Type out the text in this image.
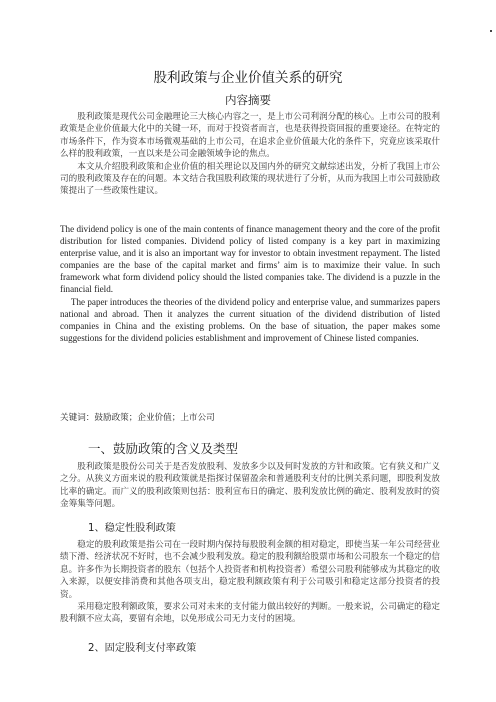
股利政策与企业价值关系的研究
内容摘要

股利政策是现代公司金融理论三大核心内容之一，是上市公司利润分配的核心。上市公司的股利政策是企业价值最大化中的关键一环，而对于投资者而言，也是获得投资回报的重要途径。在特定的市场条件下，作为资本市场微观基础的上市公司，在追求企业价值最大化的条件下，究竟应该采取什么样的股利政策，一直以来是公司金融领域争论的焦点。

本文从介绍股利政策和企业价值的相关理论以及国内外的研究文献综述出发，分析了我国上市公司的股利政策及存在的问题。本文结合我国股利政策的现状进行了分析，从而为我国上市公司鼓励政策提出了一些政策性建议。

The dividend policy is one of the main contents of finance management theory and the core of the profit distribution for listed companies. Dividend policy of listed company is a key part in maximizing enterprise value, and it is also an important way for investor to obtain investment repayment. The listed companies are the base of the capital market and firms’ aim is to maximize their value. In such framework what form dividend policy should the listed companies take. The dividend is a puzzle in the financial field.

The paper introduces the theories of the dividend policy and enterprise value, and summarizes papers national and abroad. Then it analyzes the current situation of the dividend distribution of listed companies in China and the existing problems. On the base of situation, the paper makes some suggestions for the dividend policies establishment and improvement of Chinese listed companies.

关键词：鼓励政策；企业价值；上市公司
一、鼓励政策的含义及类型

股利政策是股份公司关于是否发放股利、发放多少以及何时发放的方针和政策。它有狭义和广义之分。从狭义方面来说的股利政策就是指探讨保留盈余和普通股利支付的比例关系问题，即股利发放比率的确定。而广义的股利政策则包括：股利宣布日的确定、股利发放比例的确定、股利发放时的资金筹集等问题。

1、稳定性股利政策

稳定的股利政策是指公司在一段时期内保持每股股利金额的相对稳定，即使当某一年公司经营业绩下滑、经济状况不好时，也不会减少股利发放。稳定的股利额给股票市场和公司股东一个稳定的信息。许多作为长期投资者的股东（包括个人投资者和机构投资者）希望公司股利能够成为其稳定的收入来源，以便安排消费和其他各项支出，稳定股利额政策有利于公司吸引和稳定这部分投资者的投资。

采用稳定股利额政策，要求公司对未来的支付能力做出较好的判断。一般来说，公司确定的稳定股利额不应太高，要留有余地，以免形成公司无力支付的困境。

2、固定股利支付率政策
